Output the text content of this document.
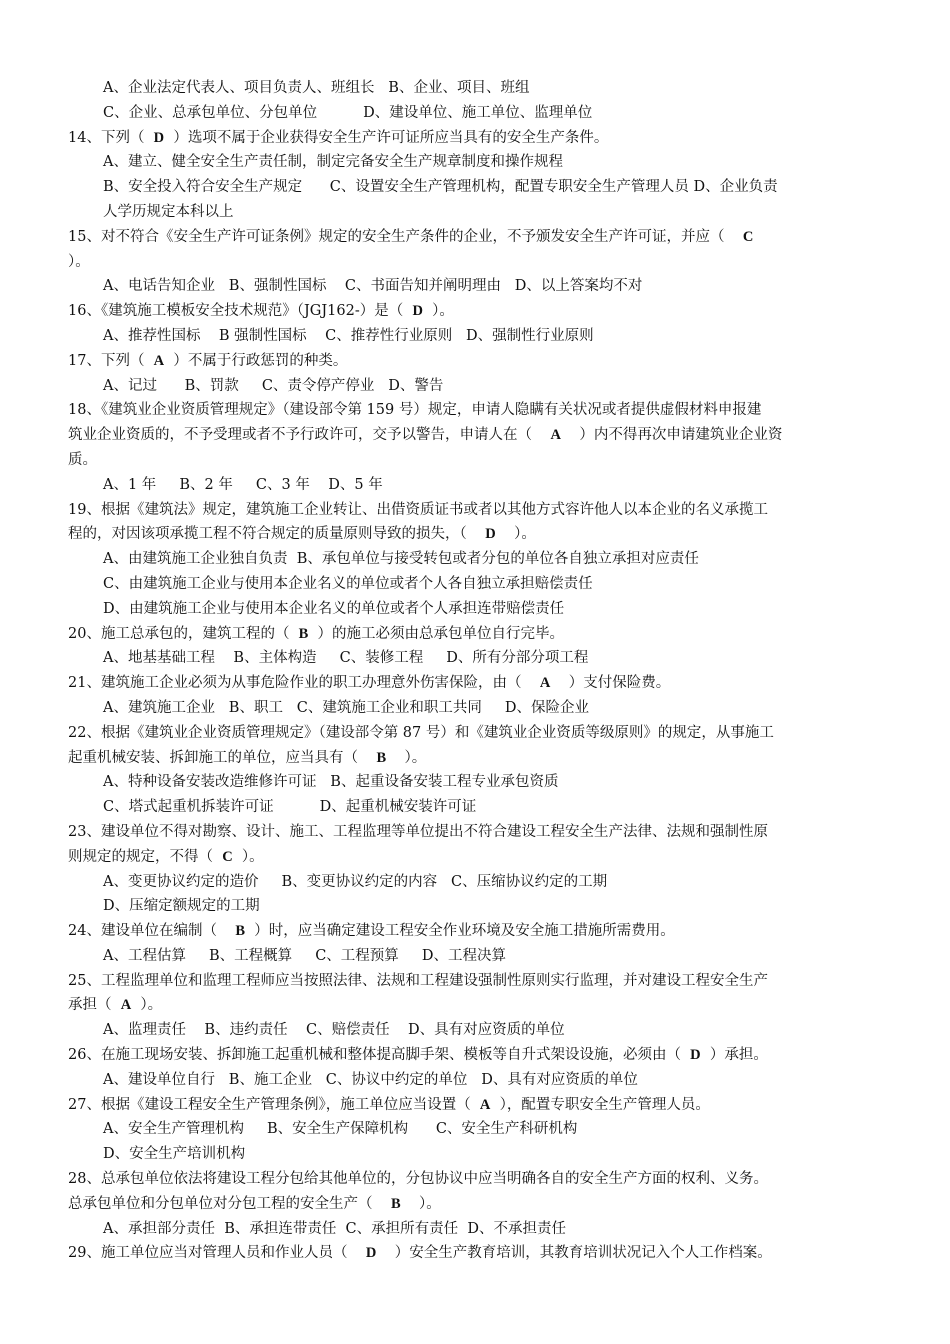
A、企业法定代表人、项目负责人、班组长   B、企业、项目、班组
C、企业、总承包单位、分包单位          D、建设单位、施工单位、监理单位
14、下列（  D  ）选项不属于企业获得安全生产许可证所应当具有的安全生产条件。
A、建立、健全安全生产责任制，制定完备安全生产规章制度和操作规程
B、安全投入符合安全生产规定      C、设置安全生产管理机构，配置专职安全生产管理人员 D、企业负责
人学历规定本科以上
15、对不符合《安全生产许可证条例》规定的安全生产条件的企业，不予颁发安全生产许可证，并应（    C
）。
A、电话告知企业   B、强制性国标    C、书面告知并阐明理由   D、以上答案均不对
16、《建筑施工模板安全技术规范》（JGJ162-）是（  D  ）。
A、推荐性国标    B 强制性国标    C、推荐性行业原则   D、强制性行业原则
17、下列（  A  ）不属于行政惩罚的种类。
A、记过      B、罚款     C、责令停产停业   D、警告
18、《建筑业企业资质管理规定》（建设部令第 159 号）规定，申请人隐瞒有关状况或者提供虚假材料申报建
筑业企业资质的，不予受理或者不予行政许可，交予以警告，申请人在（    A    ）内不得再次申请建筑业企业资
质。
A、1 年     B、2 年     C、3 年    D、5 年
19、根据《建筑法》规定，建筑施工企业转让、出借资质证书或者以其他方式容许他人以本企业的名义承揽工
程的，对因该项承揽工程不符合规定的质量原则导致的损失，（    D    ）。
A、由建筑施工企业独自负责  B、承包单位与接受转包或者分包的单位各自独立承担对应责任
C、由建筑施工企业与使用本企业名义的单位或者个人各自独立承担赔偿责任
D、由建筑施工企业与使用本企业名义的单位或者个人承担连带赔偿责任
20、施工总承包的，建筑工程的（  B  ）的施工必须由总承包单位自行完毕。
A、地基基础工程    B、主体构造     C、装修工程     D、所有分部分项工程
21、建筑施工企业必须为从事危险作业的职工办理意外伤害保险，由（    A    ）支付保险费。
A、建筑施工企业   B、职工   C、建筑施工企业和职工共同     D、保险企业
22、根据《建筑业企业资质管理规定》（建设部令第 87 号）和《建筑业企业资质等级原则》的规定，从事施工
起重机械安装、拆卸施工的单位，应当具有（    B    ）。
A、特种设备安装改造维修许可证   B、起重设备安装工程专业承包资质
C、塔式起重机拆装许可证          D、起重机械安装许可证
23、建设单位不得对勘察、设计、施工、工程监理等单位提出不符合建设工程安全生产法律、法规和强制性原
则规定的规定，不得（  C  ）。
A、变更协议约定的造价     B、变更协议约定的内容   C、压缩协议约定的工期
D、压缩定额规定的工期
24、建设单位在编制（    B  ）时，应当确定建设工程安全作业环境及安全施工措施所需费用。
A、工程估算     B、工程概算     C、工程预算     D、工程决算
25、工程监理单位和监理工程师应当按照法律、法规和工程建设强制性原则实行监理，并对建设工程安全生产
承担（  A  ）。
A、监理责任    B、违约责任    C、赔偿责任    D、具有对应资质的单位
26、在施工现场安装、拆卸施工起重机械和整体提高脚手架、模板等自升式架设设施，必须由（  D  ）承担。
A、建设单位自行   B、施工企业   C、协议中约定的单位   D、具有对应资质的单位
27、根据《建设工程安全生产管理条例》，施工单位应当设置（  A  ），配置专职安全生产管理人员。
A、安全生产管理机构     B、安全生产保障机构      C、安全生产科研机构
D、安全生产培训机构
28、总承包单位依法将建设工程分包给其他单位的，分包协议中应当明确各自的安全生产方面的权利、义务。
总承包单位和分包单位对分包工程的安全生产（    B    ）。
A、承担部分责任  B、承担连带责任  C、承担所有责任  D、不承担责任
29、施工单位应当对管理人员和作业人员（    D    ）安全生产教育培训，其教育培训状况记入个人工作档案。
